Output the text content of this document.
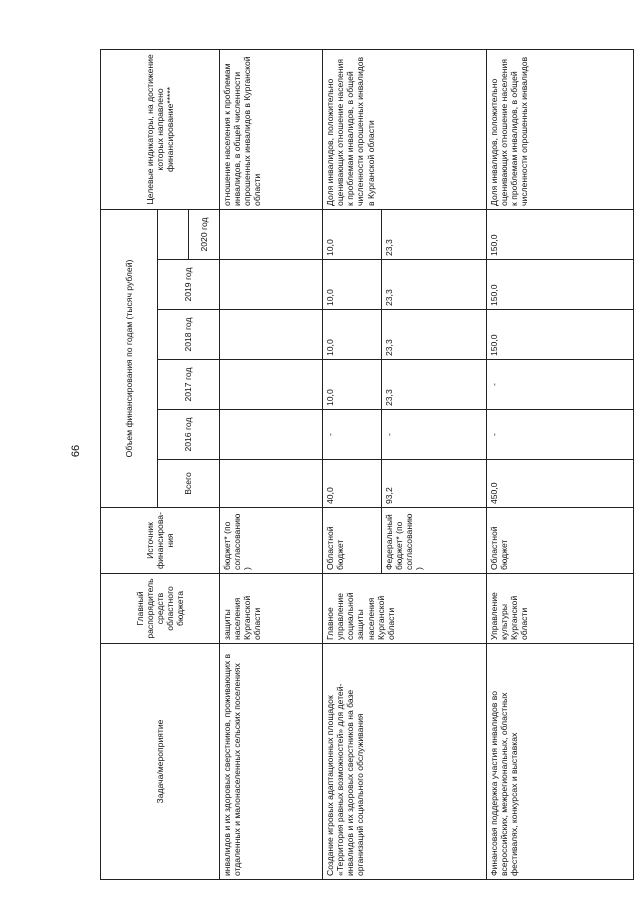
66
Задача/мероприятие	Главный распорядитель средств областного бюджета	Источник финансирова-ния	Объем финансирования по годам (тысяч рублей)						Целевые индикаторы, на достижение которых направлено финансирование*****
			Всего	2016 год	2017 год	2018 год	2019 год		
								2020 год	
инвалидов и их здоровых сверстников, проживающих в отдаленных и малонаселенных сельских поселениях	защиты населения Курганской области	бюджет* (по согласованию)							отношение населения к проблемам инвалидов, в общей численности опрошенных инвалидов в Курганской области
Создание игровых адаптационных площадок «Территория равных возможностей» для детей-инвалидов и их здоровых сверстников на базе организаций социального обслуживания	Главное управление социальной защиты населения Курганской области	Областной бюджет	40,0	-	10,0	10,0	10,0	10,0	Доля инвалидов, положительно оценивающих отношение населения к проблемам инвалидов, в общей численности опрошенных инвалидов в Курганской области
		Федеральный бюджет* (по согласованию)	93,2	-	23,3	23,3	23,3	23,3	
Финансовая поддержка участия инвалидов во всероссийских, межрегиональных, областных фестивалях, конкурсах и выставках	Управление культуры Курганской области	Областной бюджет	450,0	-	-	150,0	150,0	150,0	Доля инвалидов, положительно оценивающих отношение населения к проблемам инвалидов, в общей численности опрошенных инвалидов
